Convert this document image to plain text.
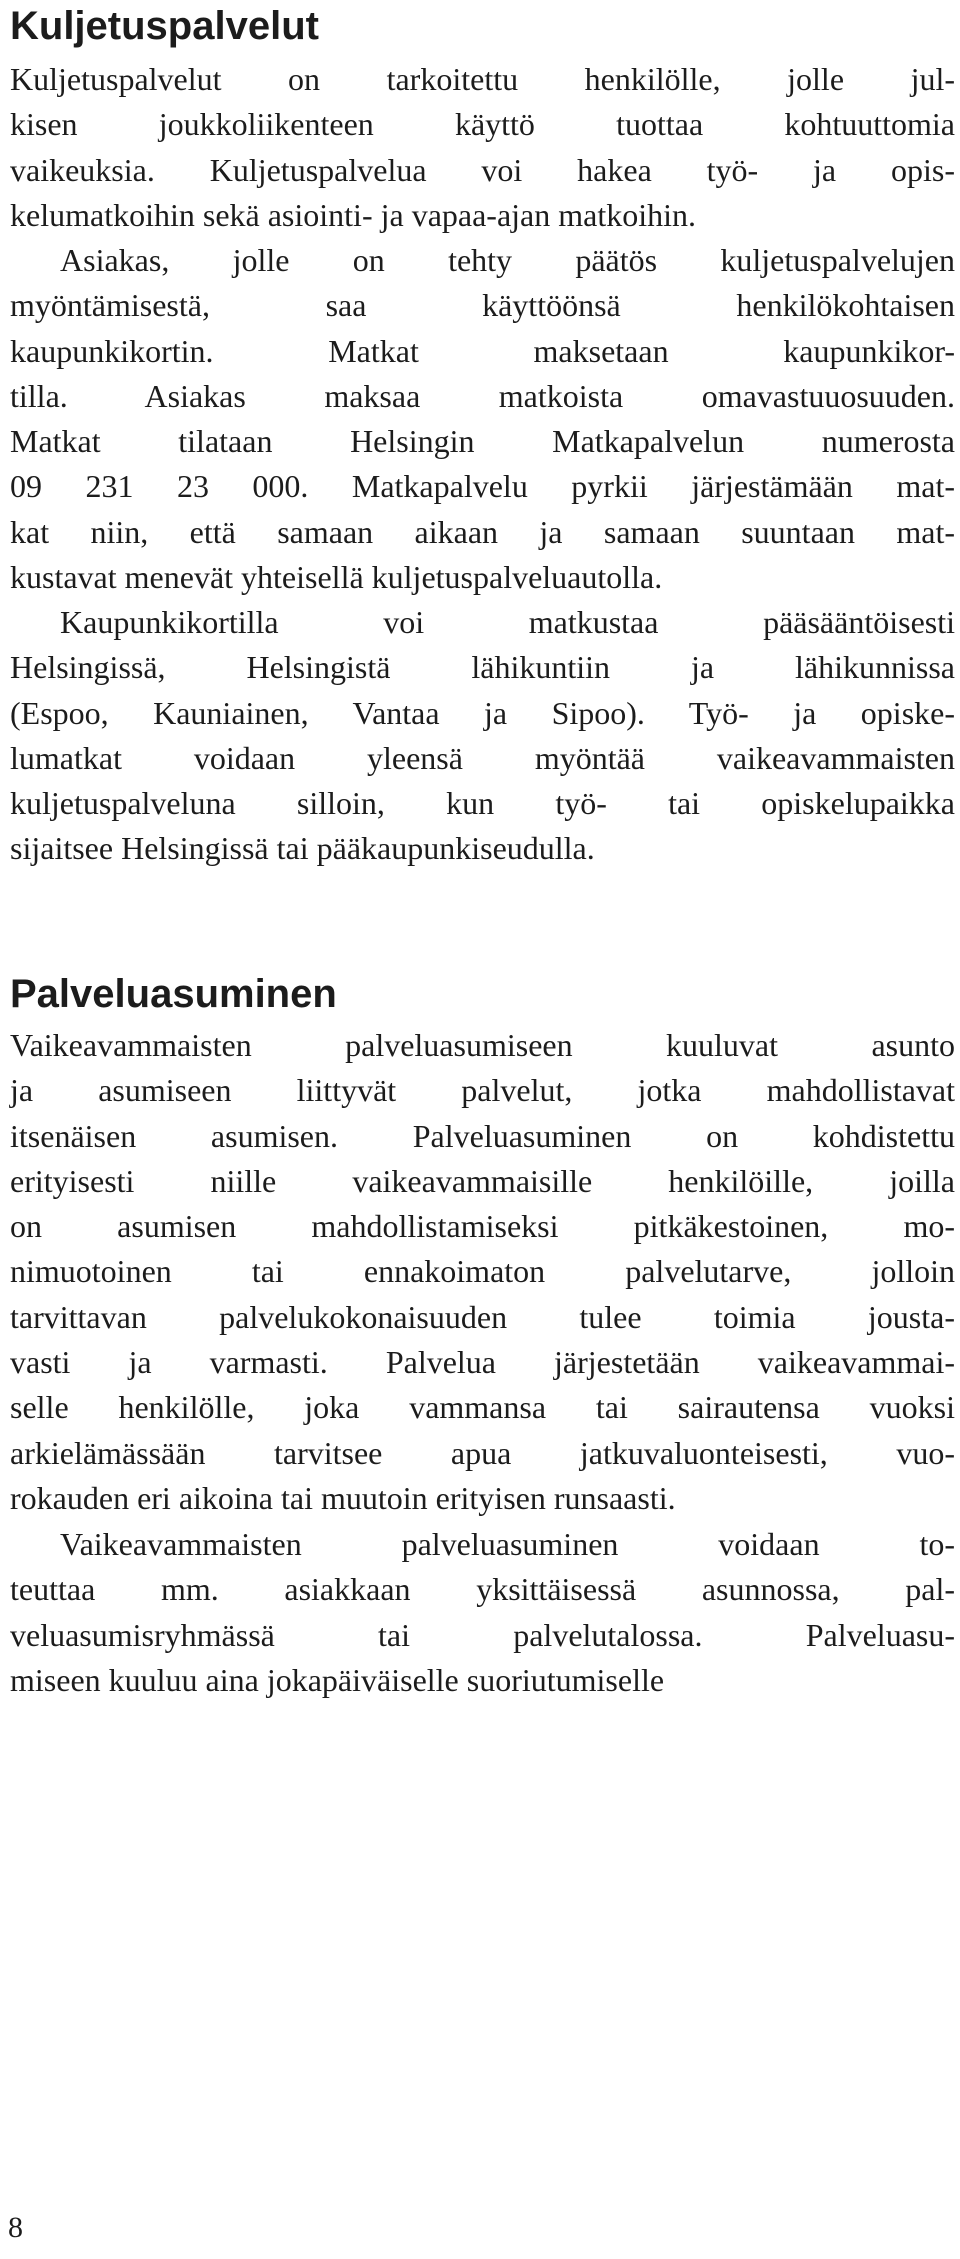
Kuljetuspalvelut
Kuljetuspalvelut on tarkoitettu henkilölle, jolle jul-
kisen joukkoliikenteen käyttö tuottaa kohtuuttomia
vaikeuksia. Kuljetuspalvelua voi hakea työ- ja opis-
kelumatkoihin sekä asiointi- ja vapaa-ajan matkoihin.
Asiakas, jolle on tehty päätös kuljetuspalvelujen
myöntämisestä, saa käyttöönsä henkilökohtaisen
kaupunkikortin. Matkat maksetaan kaupunkikor-
tilla. Asiakas maksaa matkoista omavastuuosuuden.
Matkat tilataan Helsingin Matkapalvelun numerosta
09 231 23 000. Matkapalvelu pyrkii järjestämään mat-
kat niin, että samaan aikaan ja samaan suuntaan mat-
kustavat menevät yhteisellä kuljetuspalveluautolla.
Kaupunkikortilla voi matkustaa pääsääntöisesti
Helsingissä, Helsingistä lähikuntiin ja lähikunnissa
(Espoo, Kauniainen, Vantaa ja Sipoo). Työ- ja opiske-
lumatkat voidaan yleensä myöntää vaikeavammaisten
kuljetuspalveluna silloin, kun työ- tai opiskelupaikka
sijaitsee Helsingissä tai pääkaupunkiseudulla.
Palveluasuminen
Vaikeavammaisten palveluasumiseen kuuluvat asunto
ja asumiseen liittyvät palvelut, jotka mahdollistavat
itsenäisen asumisen. Palveluasuminen on kohdistettu
erityisesti niille vaikeavammaisille henkilöille, joilla
on asumisen mahdollistamiseksi pitkäkestoinen, mo-
nimuotoinen tai ennakoimaton palvelutarve, jolloin
tarvittavan palvelukokonaisuuden tulee toimia jousta-
vasti ja varmasti. Palvelua järjestetään vaikeavammai-
selle henkilölle, joka vammansa tai sairautensa vuoksi
arkielämässään tarvitsee apua jatkuvaluonteisesti, vuo-
rokauden eri aikoina tai muutoin erityisen runsaasti.
Vaikeavammaisten palveluasuminen voidaan to-
teuttaa mm. asiakkaan yksittäisessä asunnossa, pal-
veluasumisryhmässä tai palvelutalossa. Palveluasu-
miseen kuuluu aina jokapäiväiselle suoriutumiselle
8
